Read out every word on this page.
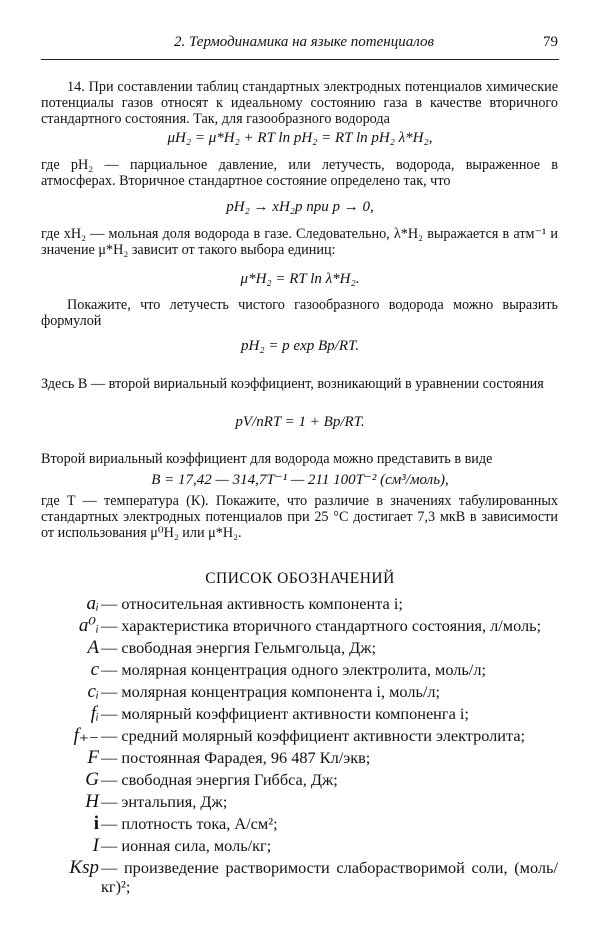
2. Термодинамика на языке потенциалов	79
14. При составлении таблиц стандартных электродных потенциалов химические потенциалы газов относят к идеальному состоянию газа в качестве вторичного стандартного состояния. Так, для газообразного водорода
μH₂ = μ*H₂ + RT ln pH₂ = RT ln pH₂ λ*H₂,
где pH₂ — парциальное давление, или летучесть, водорода, выраженное в атмосферах. Вторичное стандартное состояние определено так, что
pH₂ → xH₂p при p → 0,
где xH₂ — мольная доля водорода в газе. Следовательно, λ*H₂ выражается в атм⁻¹ и значение μ*H₂ зависит от такого выбора единиц:
μ*H₂ = RT ln λ*H₂.
Покажите, что летучесть чистого газообразного водорода можно выразить формулой
pH₂ = p exp Bp/RT.
Здесь B — второй вириальный коэффициент, возникающий в уравнении состояния
pV/nRT = 1 + Bp/RT.
Второй вириальный коэффициент для водорода можно представить в виде
B = 17,42 — 314,7T⁻¹ — 211 100T⁻² (см³/моль),
где T — температура (К). Покажите, что различие в значениях табулированных стандартных электродных потенциалов при 25 °С достигает 7,3 мкВ в зависимости от использования μ⁰H₂ или μ*H₂.
СПИСОК ОБОЗНАЧЕНИЙ
aᵢ — относительная активность компонента i;
a⁰ᵢ — характеристика вторичного стандартного состояния, л/моль;
A — свободная энергия Гельмгольца, Дж;
c — молярная концентрация одного электролита, моль/л;
cᵢ — молярная концентрация компонента i, моль/л;
fᵢ — молярный коэффициент активности компоненга i;
f₊₋ — средний молярный коэффициент активности электролита;
F — постоянная Фарадея, 96 487 Кл/экв;
G — свободная энергия Гиббса, Дж;
H — энтальпия, Дж;
i — плотность тока, А/см²;
I — ионная сила, моль/кг;
Ksp — произведение растворимости слаборастворимой соли, (моль/кг)²;
